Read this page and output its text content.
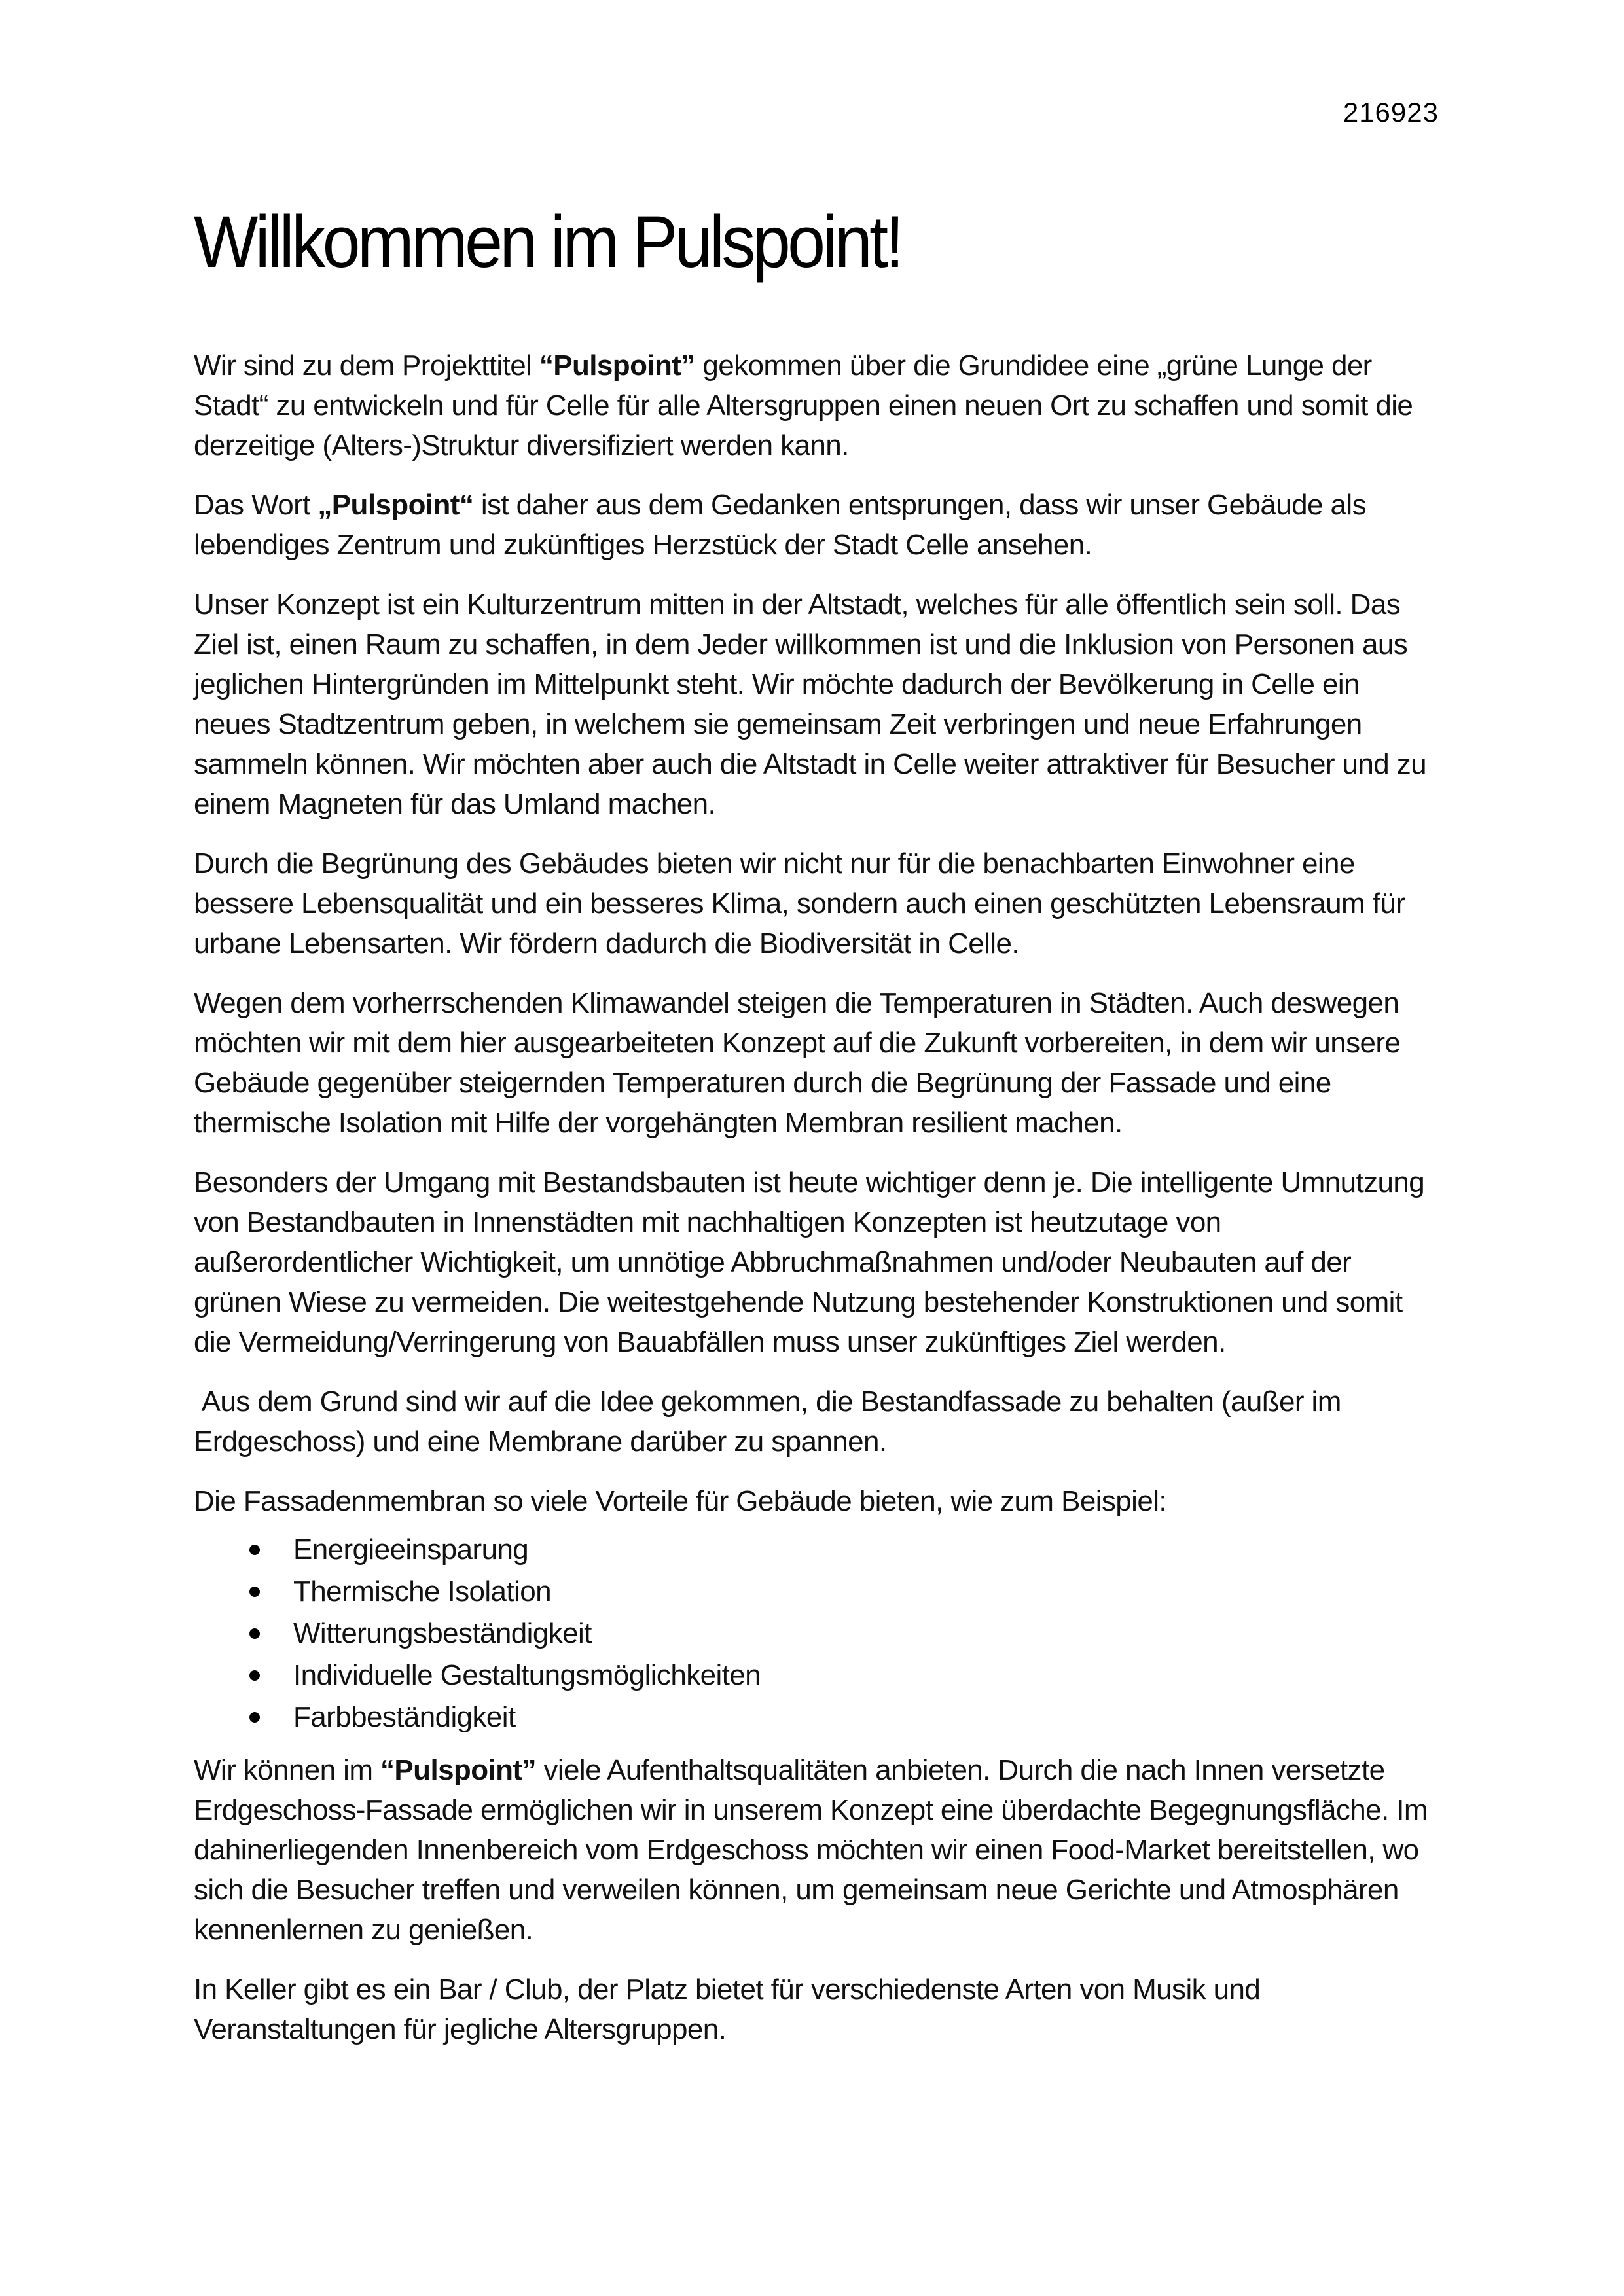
216923
Willkommen im Pulspoint!

Wir sind zu dem Projekttitel “Pulspoint” gekommen über die Grundidee eine „grüne Lunge der Stadt“ zu entwickeln und für Celle für alle Altersgruppen einen neuen Ort zu schaffen und somit die derzeitige (Alters-)Struktur diversifiziert werden kann.

Das Wort „Pulspoint“ ist daher aus dem Gedanken entsprungen, dass wir unser Gebäude als lebendiges Zentrum und zukünftiges Herzstück der Stadt Celle ansehen.

Unser Konzept ist ein Kulturzentrum mitten in der Altstadt, welches für alle öffentlich sein soll. Das Ziel ist, einen Raum zu schaffen, in dem Jeder willkommen ist und die Inklusion von Personen aus jeglichen Hintergründen im Mittelpunkt steht. Wir möchte dadurch der Bevölkerung in Celle ein neues Stadtzentrum geben, in welchem sie gemeinsam Zeit verbringen und neue Erfahrungen sammeln können. Wir möchten aber auch die Altstadt in Celle weiter attraktiver für Besucher und zu einem Magneten für das Umland machen.

Durch die Begrünung des Gebäudes bieten wir nicht nur für die benachbarten Einwohner eine bessere Lebensqualität und ein besseres Klima, sondern auch einen geschützten Lebensraum für urbane Lebensarten. Wir fördern dadurch die Biodiversität in Celle.

Wegen dem vorherrschenden Klimawandel steigen die Temperaturen in Städten. Auch deswegen möchten wir mit dem hier ausgearbeiteten Konzept auf die Zukunft vorbereiten, in dem wir unsere Gebäude gegenüber steigernden Temperaturen durch die Begrünung der Fassade und eine thermische Isolation mit Hilfe der vorgehängten Membran resilient machen.

Besonders der Umgang mit Bestandsbauten ist heute wichtiger denn je. Die intelligente Umnutzung von Bestandbauten in Innenstädten mit nachhaltigen Konzepten ist heutzutage von außerordentlicher Wichtigkeit, um unnötige Abbruchmaßnahmen und/oder Neubauten auf der grünen Wiese zu vermeiden. Die weitestgehende Nutzung bestehender Konstruktionen und somit die Vermeidung/Verringerung von Bauabfällen muss unser zukünftiges Ziel werden.

Aus dem Grund sind wir auf die Idee gekommen, die Bestandfassade zu behalten (außer im Erdgeschoss) und eine Membrane darüber zu spannen.

Die Fassadenmembran so viele Vorteile für Gebäude bieten, wie zum Beispiel:

Energieeinsparung
Thermische Isolation
Witterungsbeständigkeit
Individuelle Gestaltungsmöglichkeiten
Farbbeständigkeit

Wir können im “Pulspoint” viele Aufenthaltsqualitäten anbieten. Durch die nach Innen versetzte Erdgeschoss-Fassade ermöglichen wir in unserem Konzept eine überdachte Begegnungsfläche. Im dahinerliegenden Innenbereich vom Erdgeschoss möchten wir einen Food-Market bereitstellen, wo sich die Besucher treffen und verweilen können, um gemeinsam neue Gerichte und Atmosphären kennenlernen zu genießen.

In Keller gibt es ein Bar / Club, der Platz bietet für verschiedenste Arten von Musik und Veranstaltungen für jegliche Altersgruppen.
